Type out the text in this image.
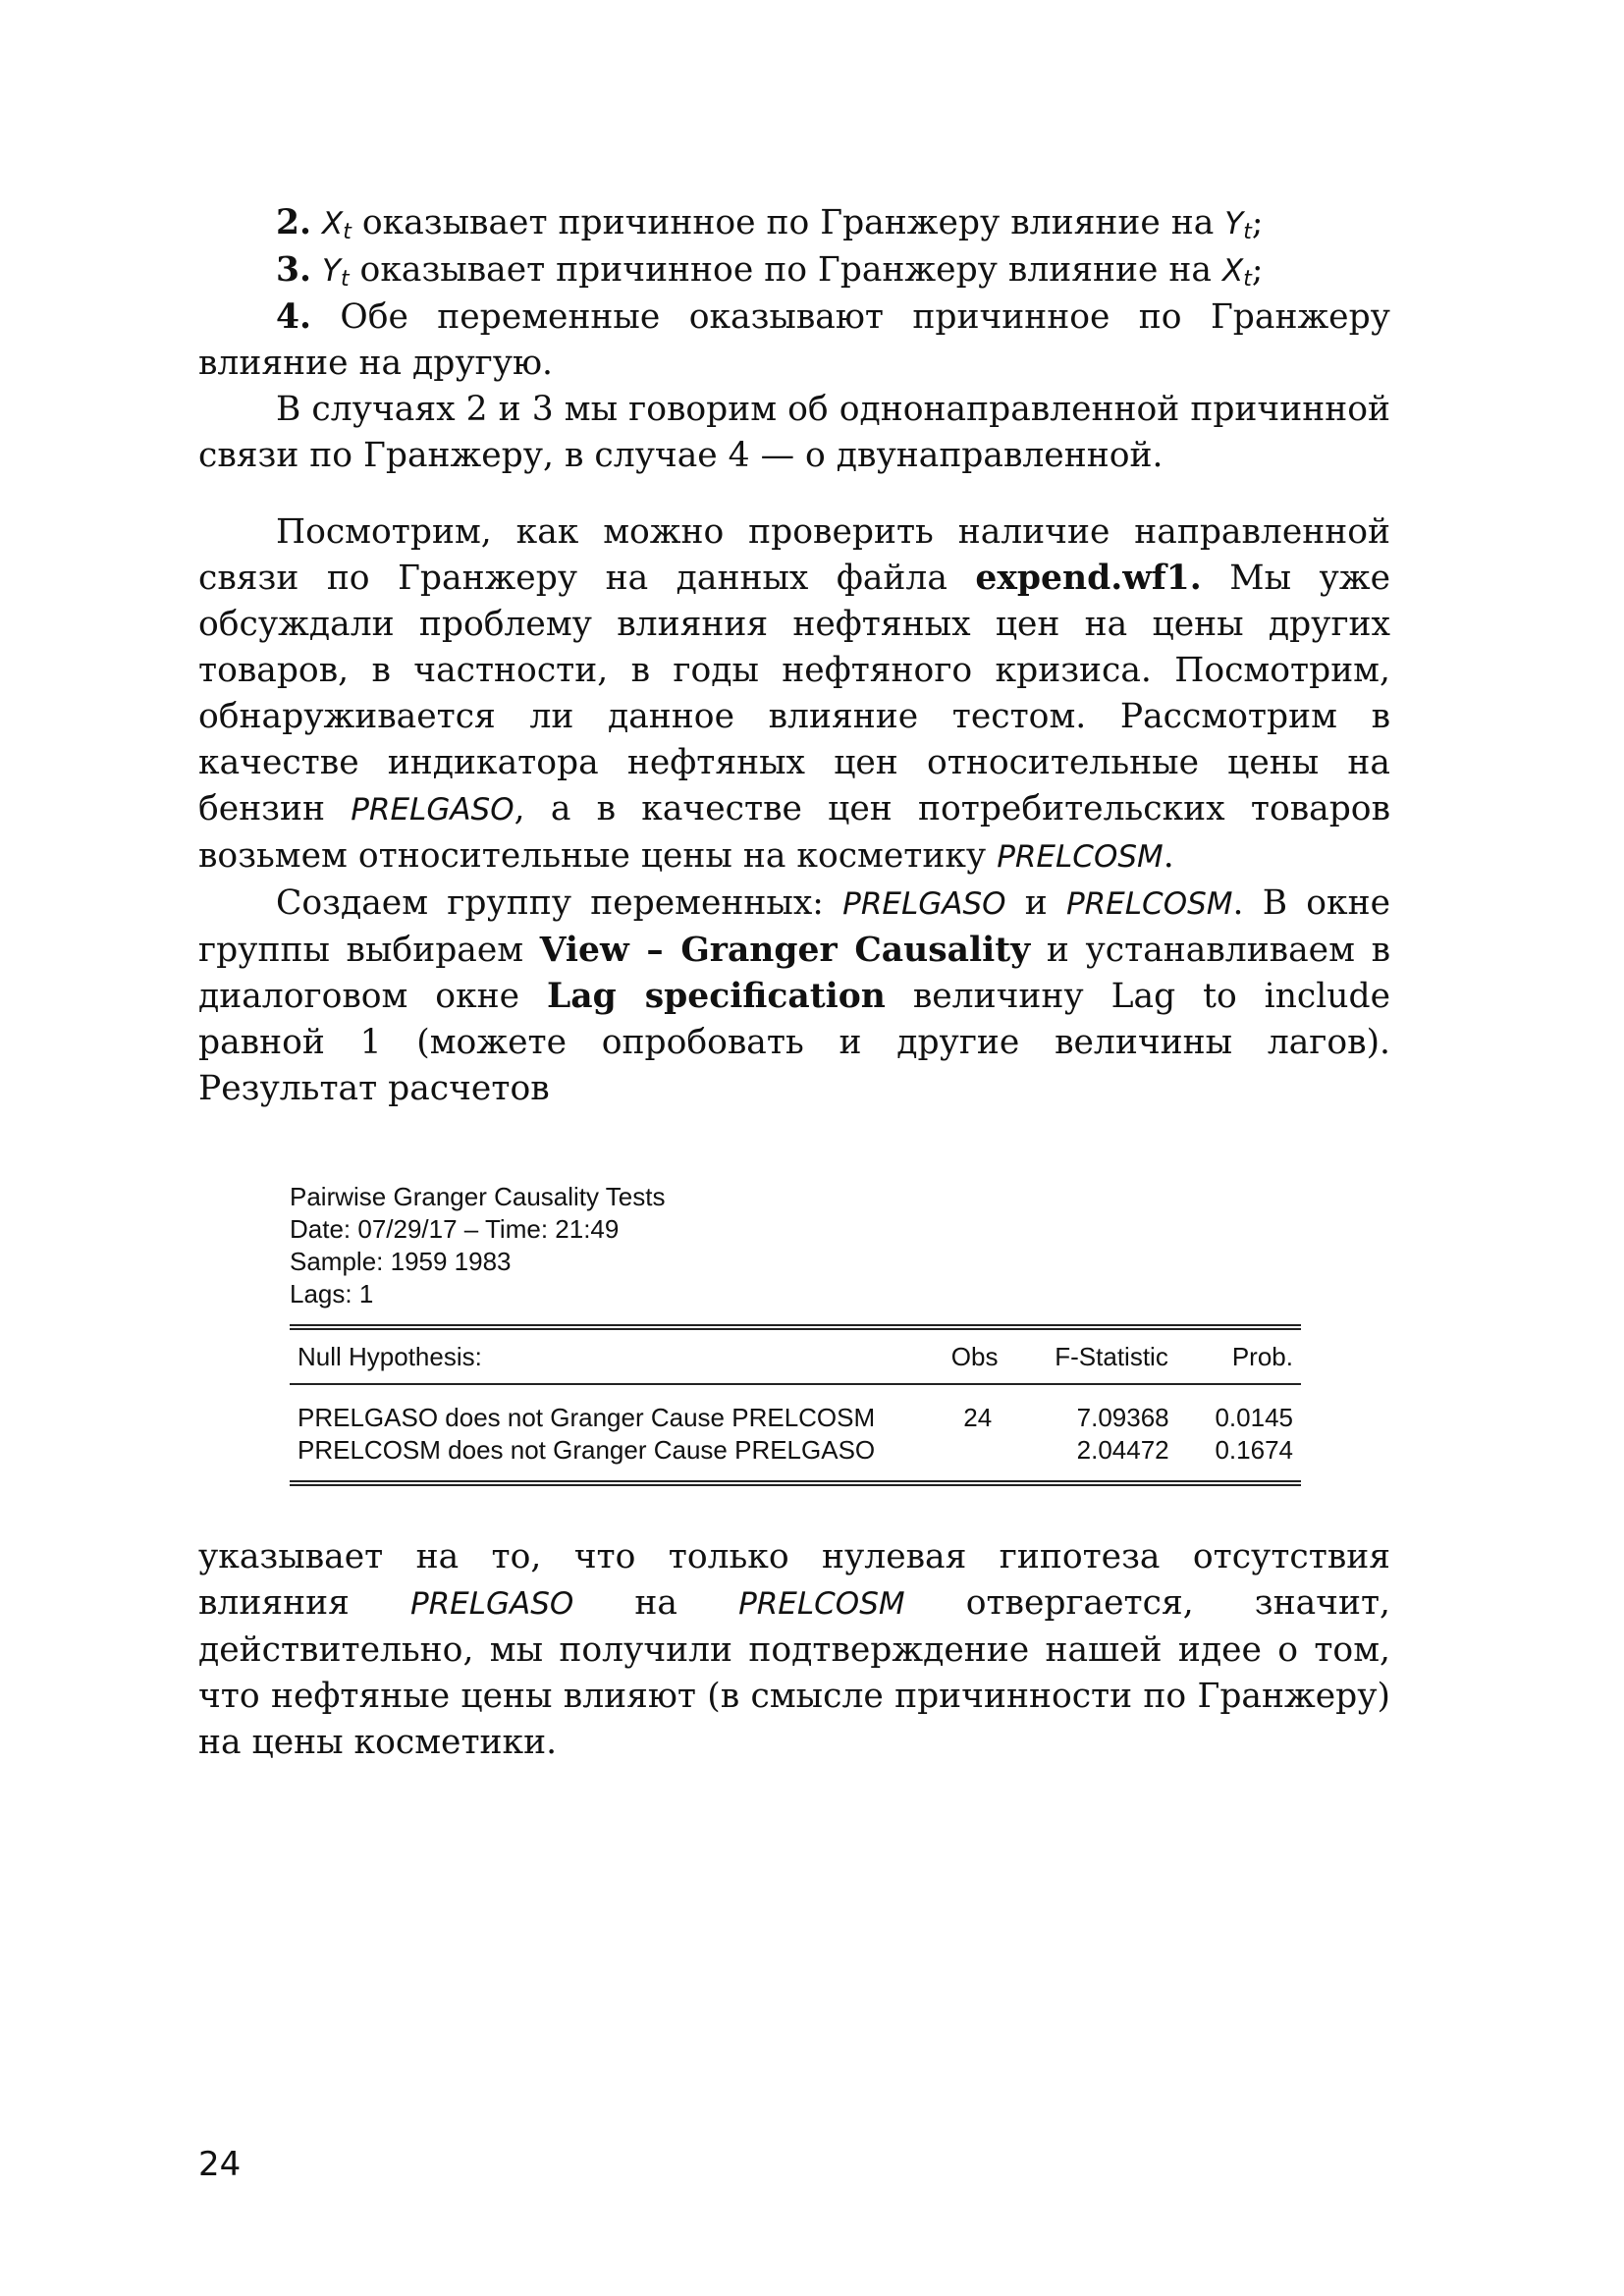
2. $X_t$ оказывает причинное по Гранжеру влияние на $Y_t$;

3. $Y_t$ оказывает причинное по Гранжеру влияние на $X_t$;

4. Обе переменные оказывают причинное по Гранжеру влияние на другую.

В случаях 2 и 3 мы говорим об однонаправленной причинной связи по Гранжеру, в случае 4 — о двунаправленной.

Посмотрим, как можно проверить наличие направленной связи по Гранжеру на данных файла expend.wf1. Мы уже обсуждали проблему влияния нефтяных цен на цены других товаров, в частности, в годы нефтяного кризиса. Посмотрим, обнаруживается ли данное влияние тестом. Рассмотрим в качестве индикатора нефтяных цен относительные цены на бензин PRELGASO, а в качестве цен потребительских товаров возьмем относительные цены на косметику PRELCOSM.

Создаем группу переменных: PRELGASO и PRELCOSM. В окне группы выбираем View – Granger Causality и устанавливаем в диалоговом окне Lag specification величину Lag to include равной 1 (можете опробовать и другие величины лагов). Результат расчетов

Pairwise Granger Causality Tests
Date: 07/29/17 – Time: 21:49
Sample: 1959 1983
Lags: 1
Null Hypothesis:	Obs	F-Statistic	Prob.
PRELGASO does not Granger Cause PRELCOSM	24	7.09368	0.0145
PRELCOSM does not Granger Cause PRELGASO		2.04472	0.1674

указывает на то, что только нулевая гипотеза отсутствия влияния PRELGASO на PRELCOSM отвергается, значит, действительно, мы получили подтверждение нашей идее о том, что нефтяные цены влияют (в смысле причинности по Гранжеру) на цены косметики.

24
